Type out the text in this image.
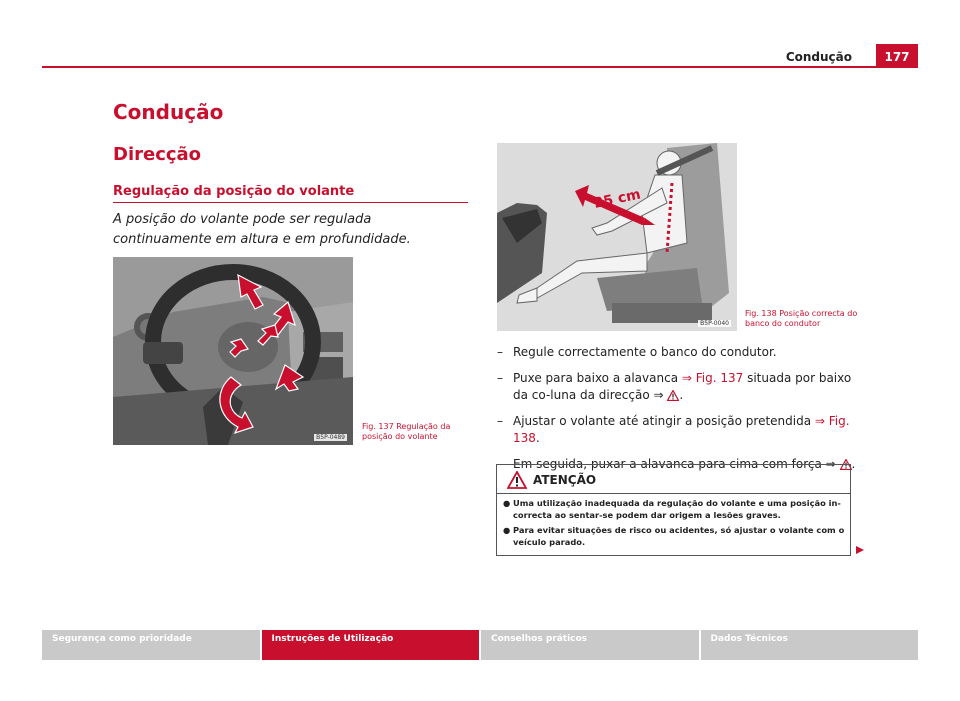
Condução	177
Condução
Direcção
Regulação da posição do volante
A posição do volante pode ser regulada continuamente em altura e em profundidade.
B5P-0489
Fig. 137 Regulação da posição do volante
25 cm
B5P-0040
Fig. 138 Posição correcta do banco do condutor
– Regule correctamente o banco do condutor.
– Puxe para baixo a alavanca ⇒ Fig. 137 situada por baixo da co-luna da direcção ⇒ .
– Ajustar o volante até atingir a posição pretendida ⇒ Fig. 138.
– Em seguida, puxar a alavanca para cima com força ⇒ .
ATENÇÃO
● Uma utilização inadequada da regulação do volante e uma posição in-correcta ao sentar-se podem dar origem a lesões graves.
● Para evitar situações de risco ou acidentes, só ajustar o volante com o veículo parado.
Segurança como prioridade	Instruções de Utilização	Conselhos práticos	Dados Técnicos
